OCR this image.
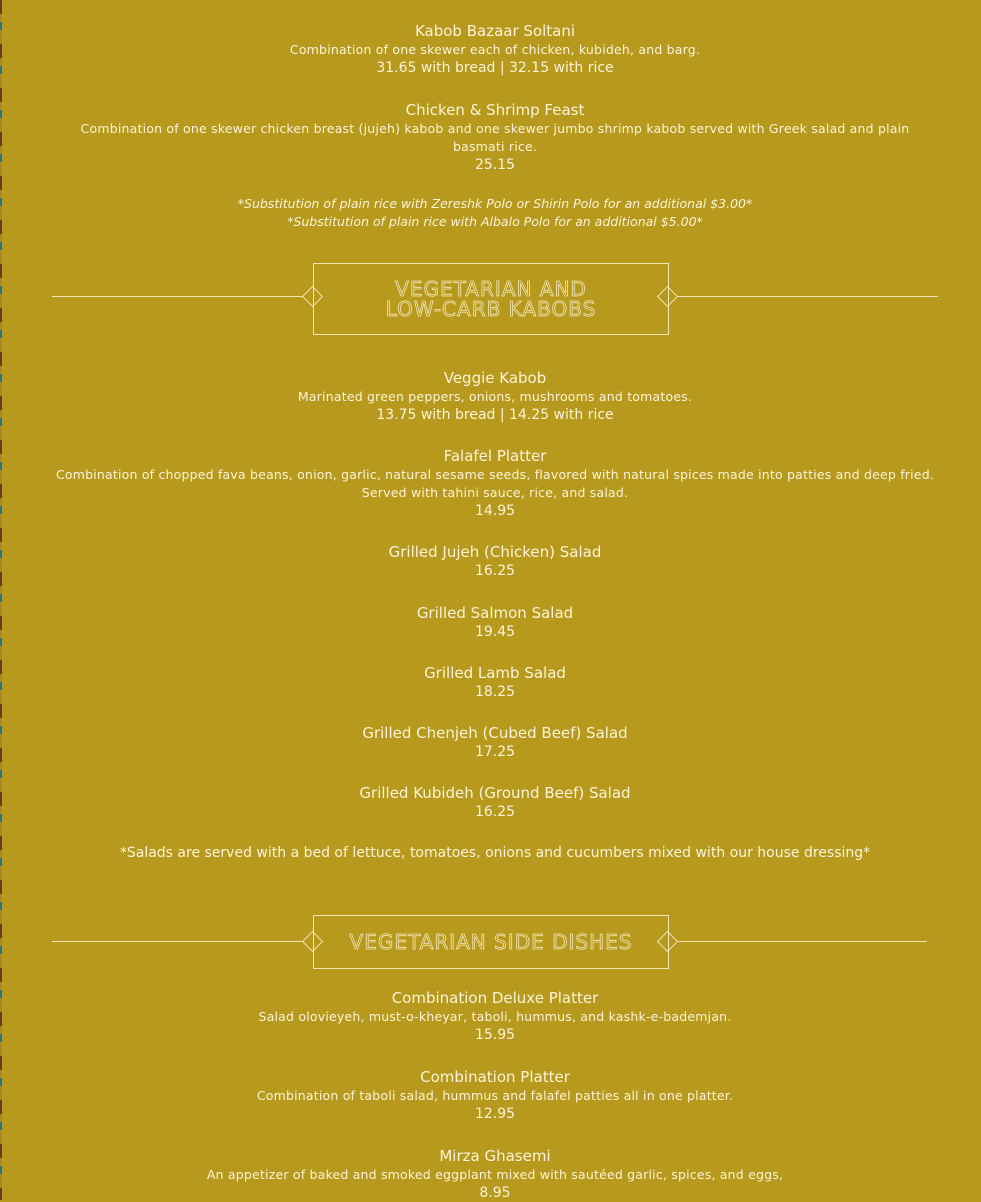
Kabob Bazaar Soltani

Combination of one skewer each of chicken, kubideh, and barg.

31.65 with bread | 32.15 with rice

Chicken & Shrimp Feast

Combination of one skewer chicken breast (jujeh) kabob and one skewer jumbo shrimp kabob served with Greek salad and plain basmati rice.

25.15

*Substitution of plain rice with Zereshk Polo or Shirin Polo for an additional $3.00*

*Substitution of plain rice with Albalo Polo for an additional $5.00*

VEGETARIAN AND
LOW-CARB KABOBS

Veggie Kabob

Marinated green peppers, onions, mushrooms and tomatoes.

13.75 with bread | 14.25 with rice

Falafel Platter

Combination of chopped fava beans, onion, garlic, natural sesame seeds, flavored with natural spices made into patties and deep fried. Served with tahini sauce, rice, and salad.

14.95

Grilled Jujeh (Chicken) Salad

16.25

Grilled Salmon Salad

19.45

Grilled Lamb Salad

18.25

Grilled Chenjeh (Cubed Beef) Salad

17.25

Grilled Kubideh (Ground Beef) Salad

16.25

*Salads are served with a bed of lettuce, tomatoes, onions and cucumbers mixed with our house dressing*

VEGETARIAN SIDE DISHES

Combination Deluxe Platter

Salad olovieyeh, must-o-kheyar, taboli, hummus, and kashk-e-bademjan.

15.95

Combination Platter

Combination of taboli salad, hummus and falafel patties all in one platter.

12.95

Mirza Ghasemi

An appetizer of baked and smoked eggplant mixed with sautéed garlic, spices, and eggs,

8.95
